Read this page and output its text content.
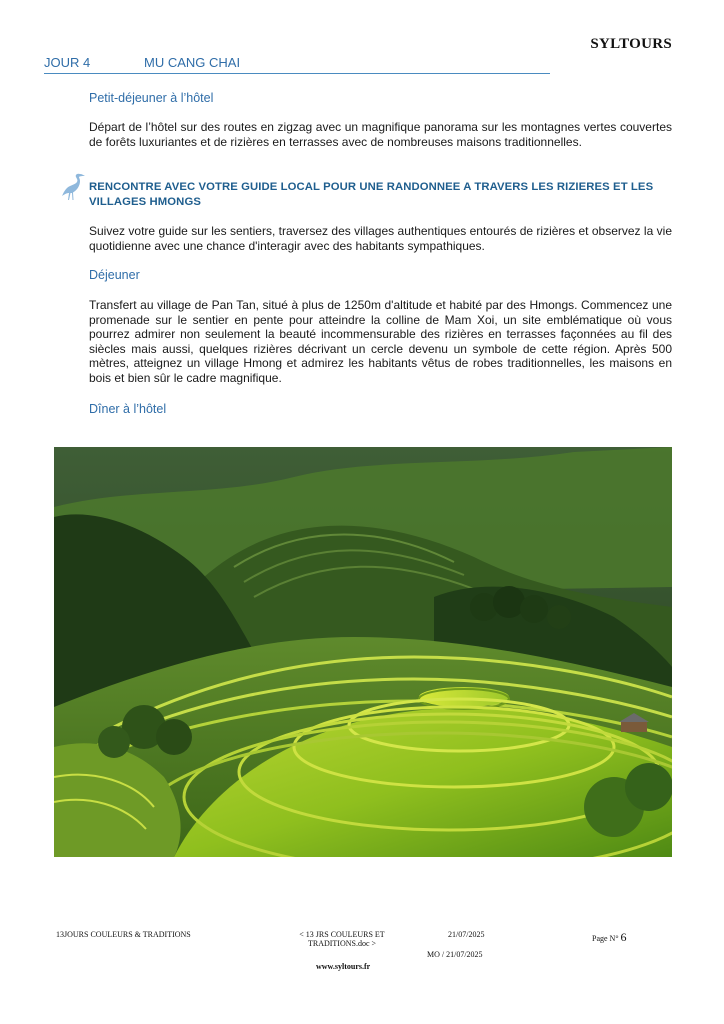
SYLTOURS
JOUR 4	MU CANG CHAI
Petit-déjeuner à l’hôtel
Départ de l’hôtel sur des routes en zigzag avec un magnifique panorama sur les montagnes vertes couvertes de forêts luxuriantes et de rizières en terrasses avec de nombreuses maisons traditionnelles.
RENCONTRE AVEC VOTRE GUIDE LOCAL POUR UNE RANDONNEE A TRAVERS LES RIZIERES ET LES VILLAGES HMONGS
Suivez votre guide sur les sentiers, traversez des villages authentiques entourés de rizières et observez la vie quotidienne avec une chance d'interagir avec des habitants sympathiques.
Déjeuner
Transfert au village de Pan Tan, situé à plus de 1250m d'altitude et habité par des Hmongs. Commencez une promenade sur le sentier en pente pour atteindre la colline de Mam Xoi, un site emblématique où vous pourrez admirer non seulement la beauté incommensurable des rizières en terrasses façonnées au fil des siècles mais aussi, quelques rizières décrivant un cercle devenu un symbole de cette région. Après 500 mètres, atteignez un village Hmong et admirez les habitants vêtus de robes traditionnelles, les maisons en bois et bien sûr le cadre magnifique.
Dîner à l’hôtel
13JOURS COULEURS & TRADITIONS	< 13 JRS COULEURS ET
TRADITIONS.doc >
21/07/2025
MO / 21/07/2025
Page N° 6
www.syltours.fr
